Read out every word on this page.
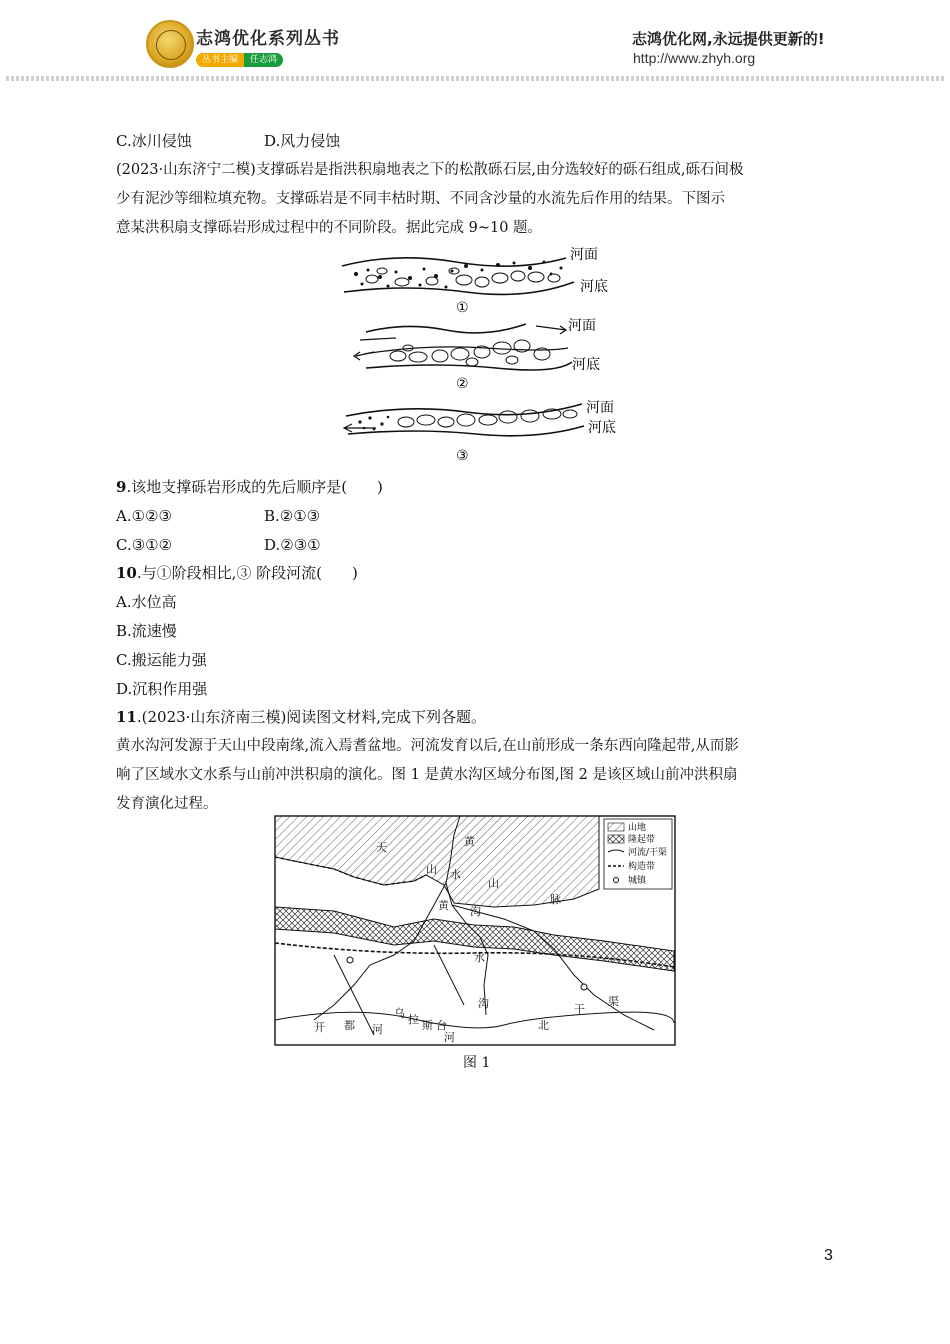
志鸿优化系列丛书
丛书主编 任志鸿
志鸿优化网,永远提供更新的!
http://www.zhyh.org
C.冰川侵蚀	D.风力侵蚀
(2023·山东济宁二模)支撑砾岩是指洪积扇地表之下的松散砾石层,由分选较好的砾石组成,砾石间极
少有泥沙等细粒填充物。支撑砾岩是不同丰枯时期、不同含沙量的水流先后作用的结果。下图示
意某洪积扇支撑砾岩形成过程中的不同阶段。据此完成 9~10 题。
河面
河底
①
河面
河底
②
河面
河底
③
9.该地支撑砾岩形成的先后顺序是(　　)
A.①②③	B.②①③
C.③①②	D.②③①
10.与①阶段相比,③ 阶段河流(　　)
A.水位高
B.流速慢
C.搬运能力强
D.沉积作用强
11.(2023·山东济南三模)阅读图文材料,完成下列各题。
黄水沟河发源于天山中段南缘,流入焉耆盆地。河流发育以后,在山前形成一条东西向隆起带,从而影
响了区域水文水系与山前冲洪积扇的演化。图 1 是黄水沟区域分布图,图 2 是该区域山前冲洪积扇
发育演化过程。
山地
隆起带
河流/干渠
构造带
城镇
天	黄
山 水
山
脉
黄 沟
水
沟
开 都 河
乌 拉 斯 台
河
北
干
渠
图 1
3
